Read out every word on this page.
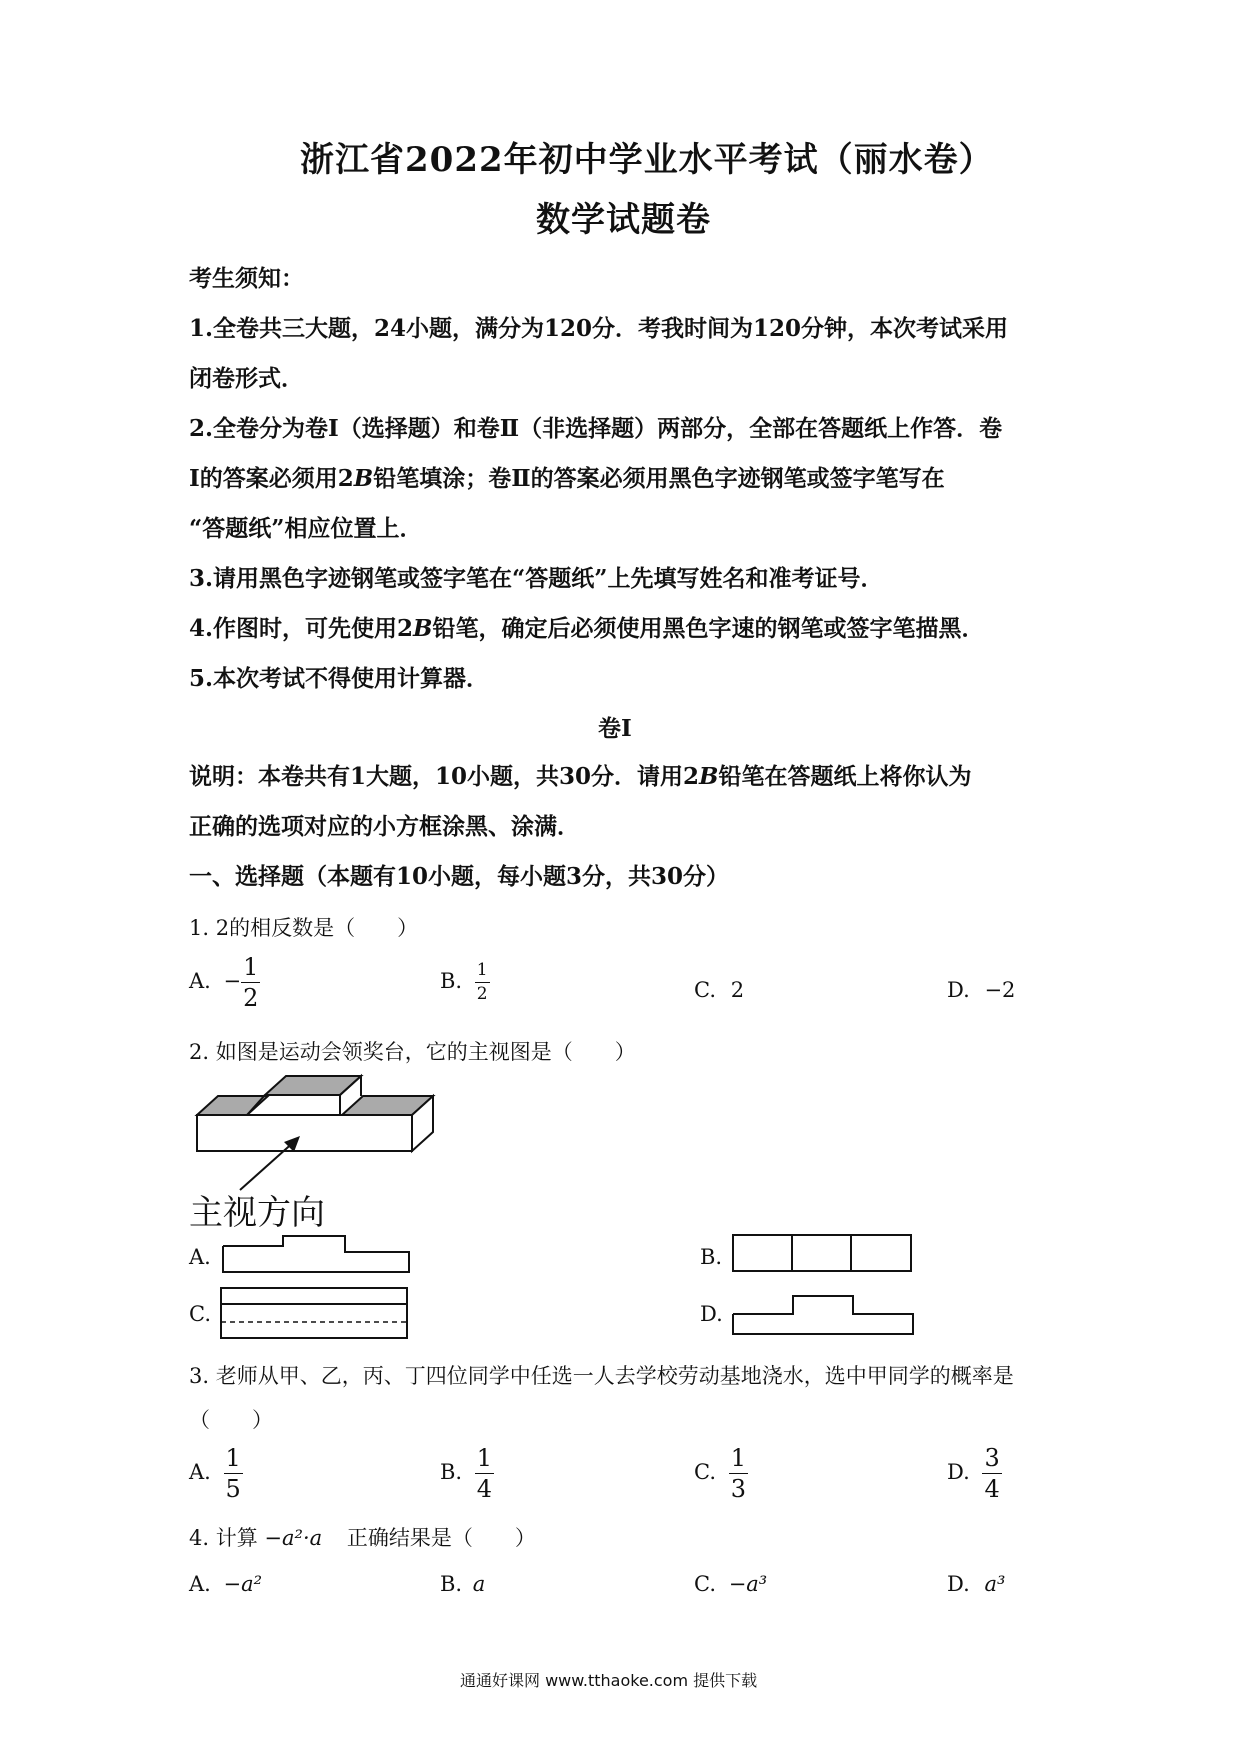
浙江省2022年初中学业水平考试（丽水卷）
数学试题卷
考生须知：
1.全卷共三大题，24小题，满分为120分．考我时间为120分钟，本次考试采用
闭卷形式．
2.全卷分为卷Ⅰ（选择题）和卷Ⅱ（非选择题）两部分，全部在答题纸上作答．卷
Ⅰ的答案必须用2B铅笔填涂；卷Ⅱ的答案必须用黑色字迹钢笔或签字笔写在
“答题纸”相应位置上．
3.请用黑色字迹钢笔或签字笔在“答题纸”上先填写姓名和准考证号．
4.作图时，可先使用2B铅笔，确定后必须使用黑色字速的钢笔或签字笔描黑．
5.本次考试不得使用计算器．
卷Ⅰ
说明：本卷共有1大题，10小题，共30分．请用2B铅笔在答题纸上将你认为
正确的选项对应的小方框涂黑、涂满．
一、选择题（本题有10小题，每小题3分，共30分）
1. 2的相反数是（　　）
A. − $\frac{1}{2}$	B. $\frac{1}{2}$	C. 2	D. −2
2. 如图是运动会领奖台，它的主视图是（　　）
主视方向
A.	B.
C.	D.
3. 老师从甲、乙，丙、丁四位同学中任选一人去学校劳动基地浇水，选中甲同学的概率是
（　　）
A. $\frac{1}{5}$	B. $\frac{1}{4}$	C. $\frac{1}{3}$	D. $\frac{3}{4}$
4. 计算 −a²·a 正确结果是（　　）
A. −a²	B. a	C. −a³	D. a³
通通好课网 www.tthaoke.com 提供下载
